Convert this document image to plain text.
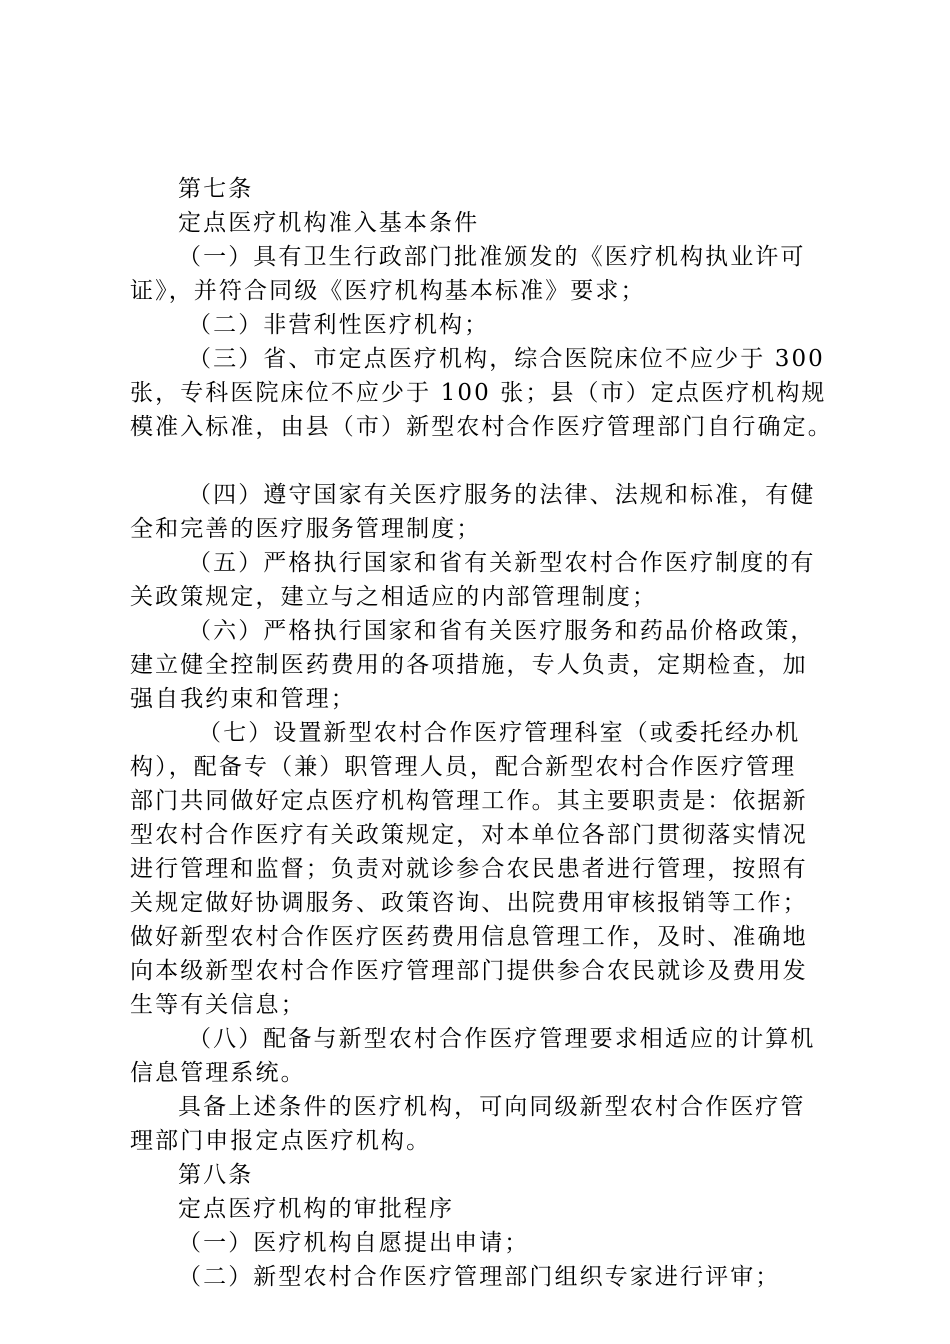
第七条
定点医疗机构准入基本条件
（一）具有卫生行政部门批准颁发的《医疗机构执业许可
证》，并符合同级《医疗机构基本标准》要求；
（二）非营利性医疗机构；
（三）省、市定点医疗机构，综合医院床位不应少于 300
张，专科医院床位不应少于 100 张；县（市）定点医疗机构规
模准入标准，由县（市）新型农村合作医疗管理部门自行确定。
（四）遵守国家有关医疗服务的法律、法规和标准，有健
全和完善的医疗服务管理制度；
（五）严格执行国家和省有关新型农村合作医疗制度的有
关政策规定，建立与之相适应的内部管理制度；
（六）严格执行国家和省有关医疗服务和药品价格政策，
建立健全控制医药费用的各项措施，专人负责，定期检查，加
强自我约束和管理；
（七）设置新型农村合作医疗管理科室（或委托经办机
构），配备专（兼）职管理人员，配合新型农村合作医疗管理
部门共同做好定点医疗机构管理工作。其主要职责是：依据新
型农村合作医疗有关政策规定，对本单位各部门贯彻落实情况
进行管理和监督；负责对就诊参合农民患者进行管理，按照有
关规定做好协调服务、政策咨询、出院费用审核报销等工作；
做好新型农村合作医疗医药费用信息管理工作，及时、准确地
向本级新型农村合作医疗管理部门提供参合农民就诊及费用发
生等有关信息；
（八）配备与新型农村合作医疗管理要求相适应的计算机
信息管理系统。
具备上述条件的医疗机构，可向同级新型农村合作医疗管
理部门申报定点医疗机构。
第八条
定点医疗机构的审批程序
（一）医疗机构自愿提出申请；
（二）新型农村合作医疗管理部门组织专家进行评审；
